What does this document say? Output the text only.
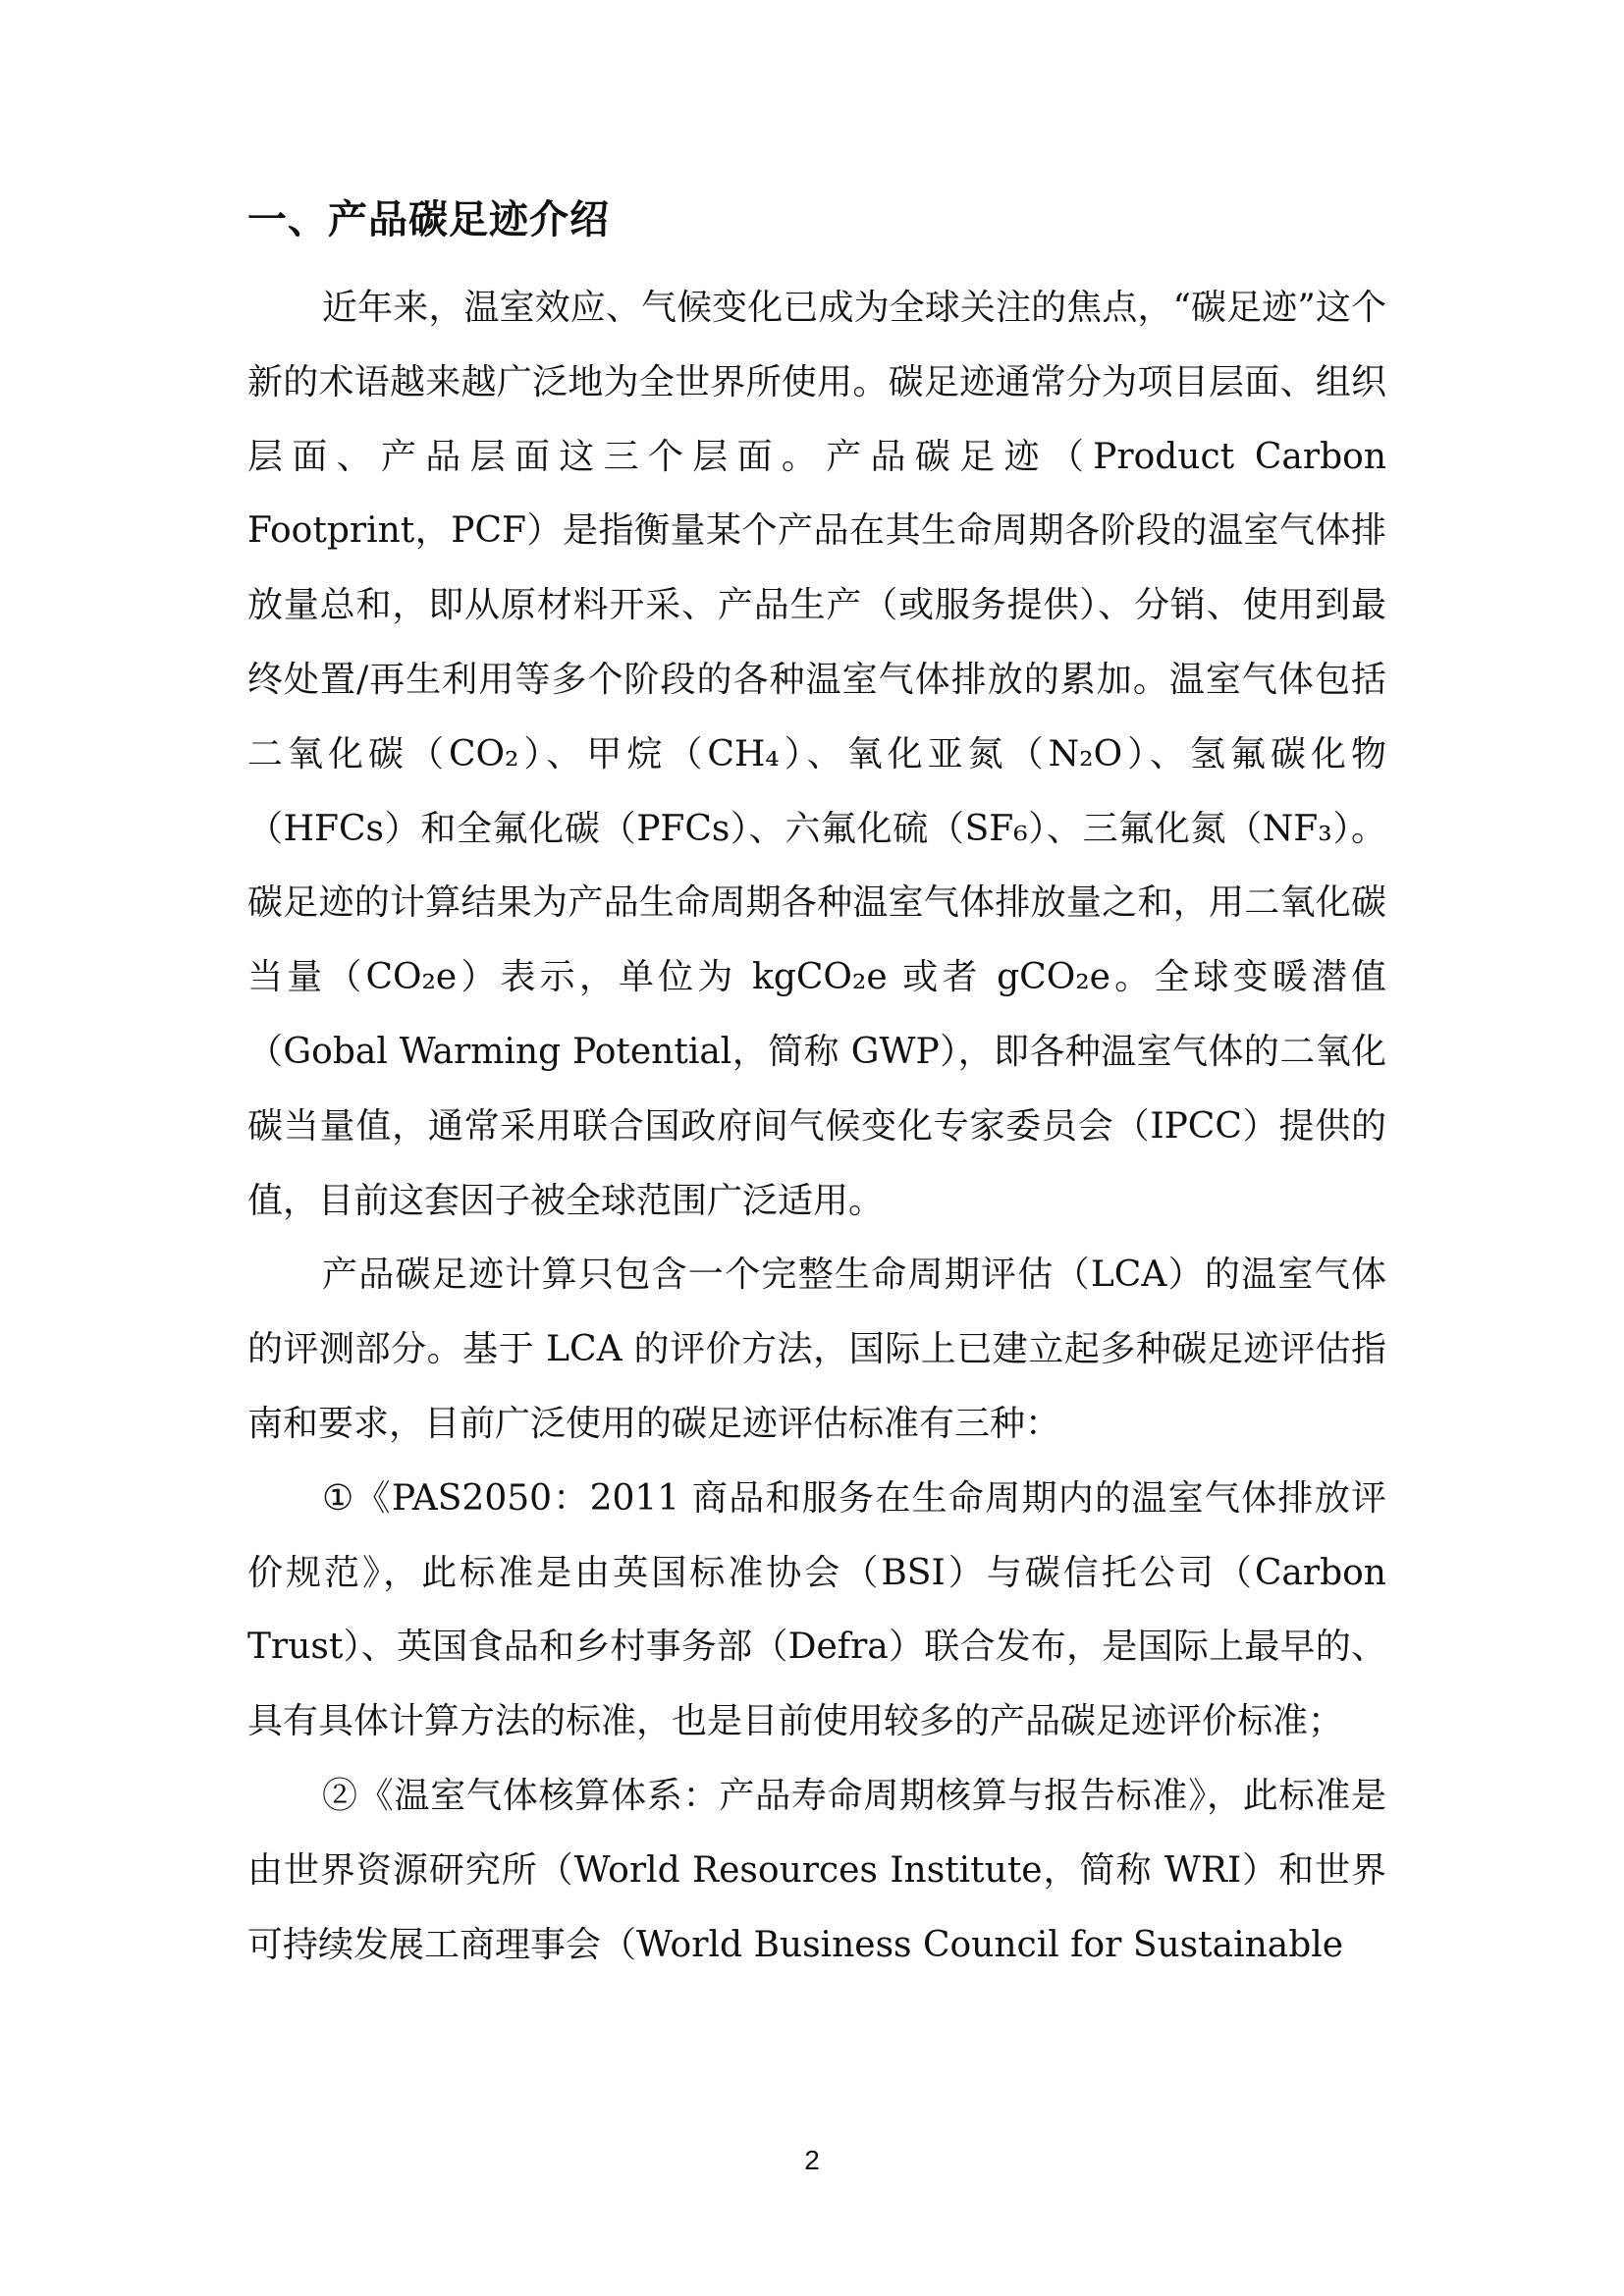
一、产品碳足迹介绍

近年来，温室效应、气候变化已成为全球关注的焦点，“碳足迹”这个新的术语越来越广泛地为全世界所使用。碳足迹通常分为项目层面、组织层面、产品层面这三个层面。产品碳足迹（Product Carbon Footprint，PCF）是指衡量某个产品在其生命周期各阶段的温室气体排放量总和，即从原材料开采、产品生产（或服务提供）、分销、使用到最终处置/再生利用等多个阶段的各种温室气体排放的累加。温室气体包括二氧化碳（CO₂）、甲烷（CH₄）、氧化亚氮（N₂O）、氢氟碳化物（HFCs）和全氟化碳（PFCs）、六氟化硫（SF₆）、三氟化氮（NF₃）。碳足迹的计算结果为产品生命周期各种温室气体排放量之和，用二氧化碳当量（CO₂e）表示，单位为 kgCO₂e 或者 gCO₂e。全球变暖潜值（Gobal Warming Potential，简称 GWP），即各种温室气体的二氧化碳当量值，通常采用联合国政府间气候变化专家委员会（IPCC）提供的值，目前这套因子被全球范围广泛适用。

产品碳足迹计算只包含一个完整生命周期评估（LCA）的温室气体的评测部分。基于 LCA 的评价方法，国际上已建立起多种碳足迹评估指南和要求，目前广泛使用的碳足迹评估标准有三种：

①《PAS2050：2011 商品和服务在生命周期内的温室气体排放评价规范》，此标准是由英国标准协会（BSI）与碳信托公司（Carbon Trust）、英国食品和乡村事务部（Defra）联合发布，是国际上最早的、具有具体计算方法的标准，也是目前使用较多的产品碳足迹评价标准；

②《温室气体核算体系：产品寿命周期核算与报告标准》，此标准是由世界资源研究所（World Resources Institute，简称 WRI）和世界可持续发展工商理事会（World Business Council for Sustainable

2
